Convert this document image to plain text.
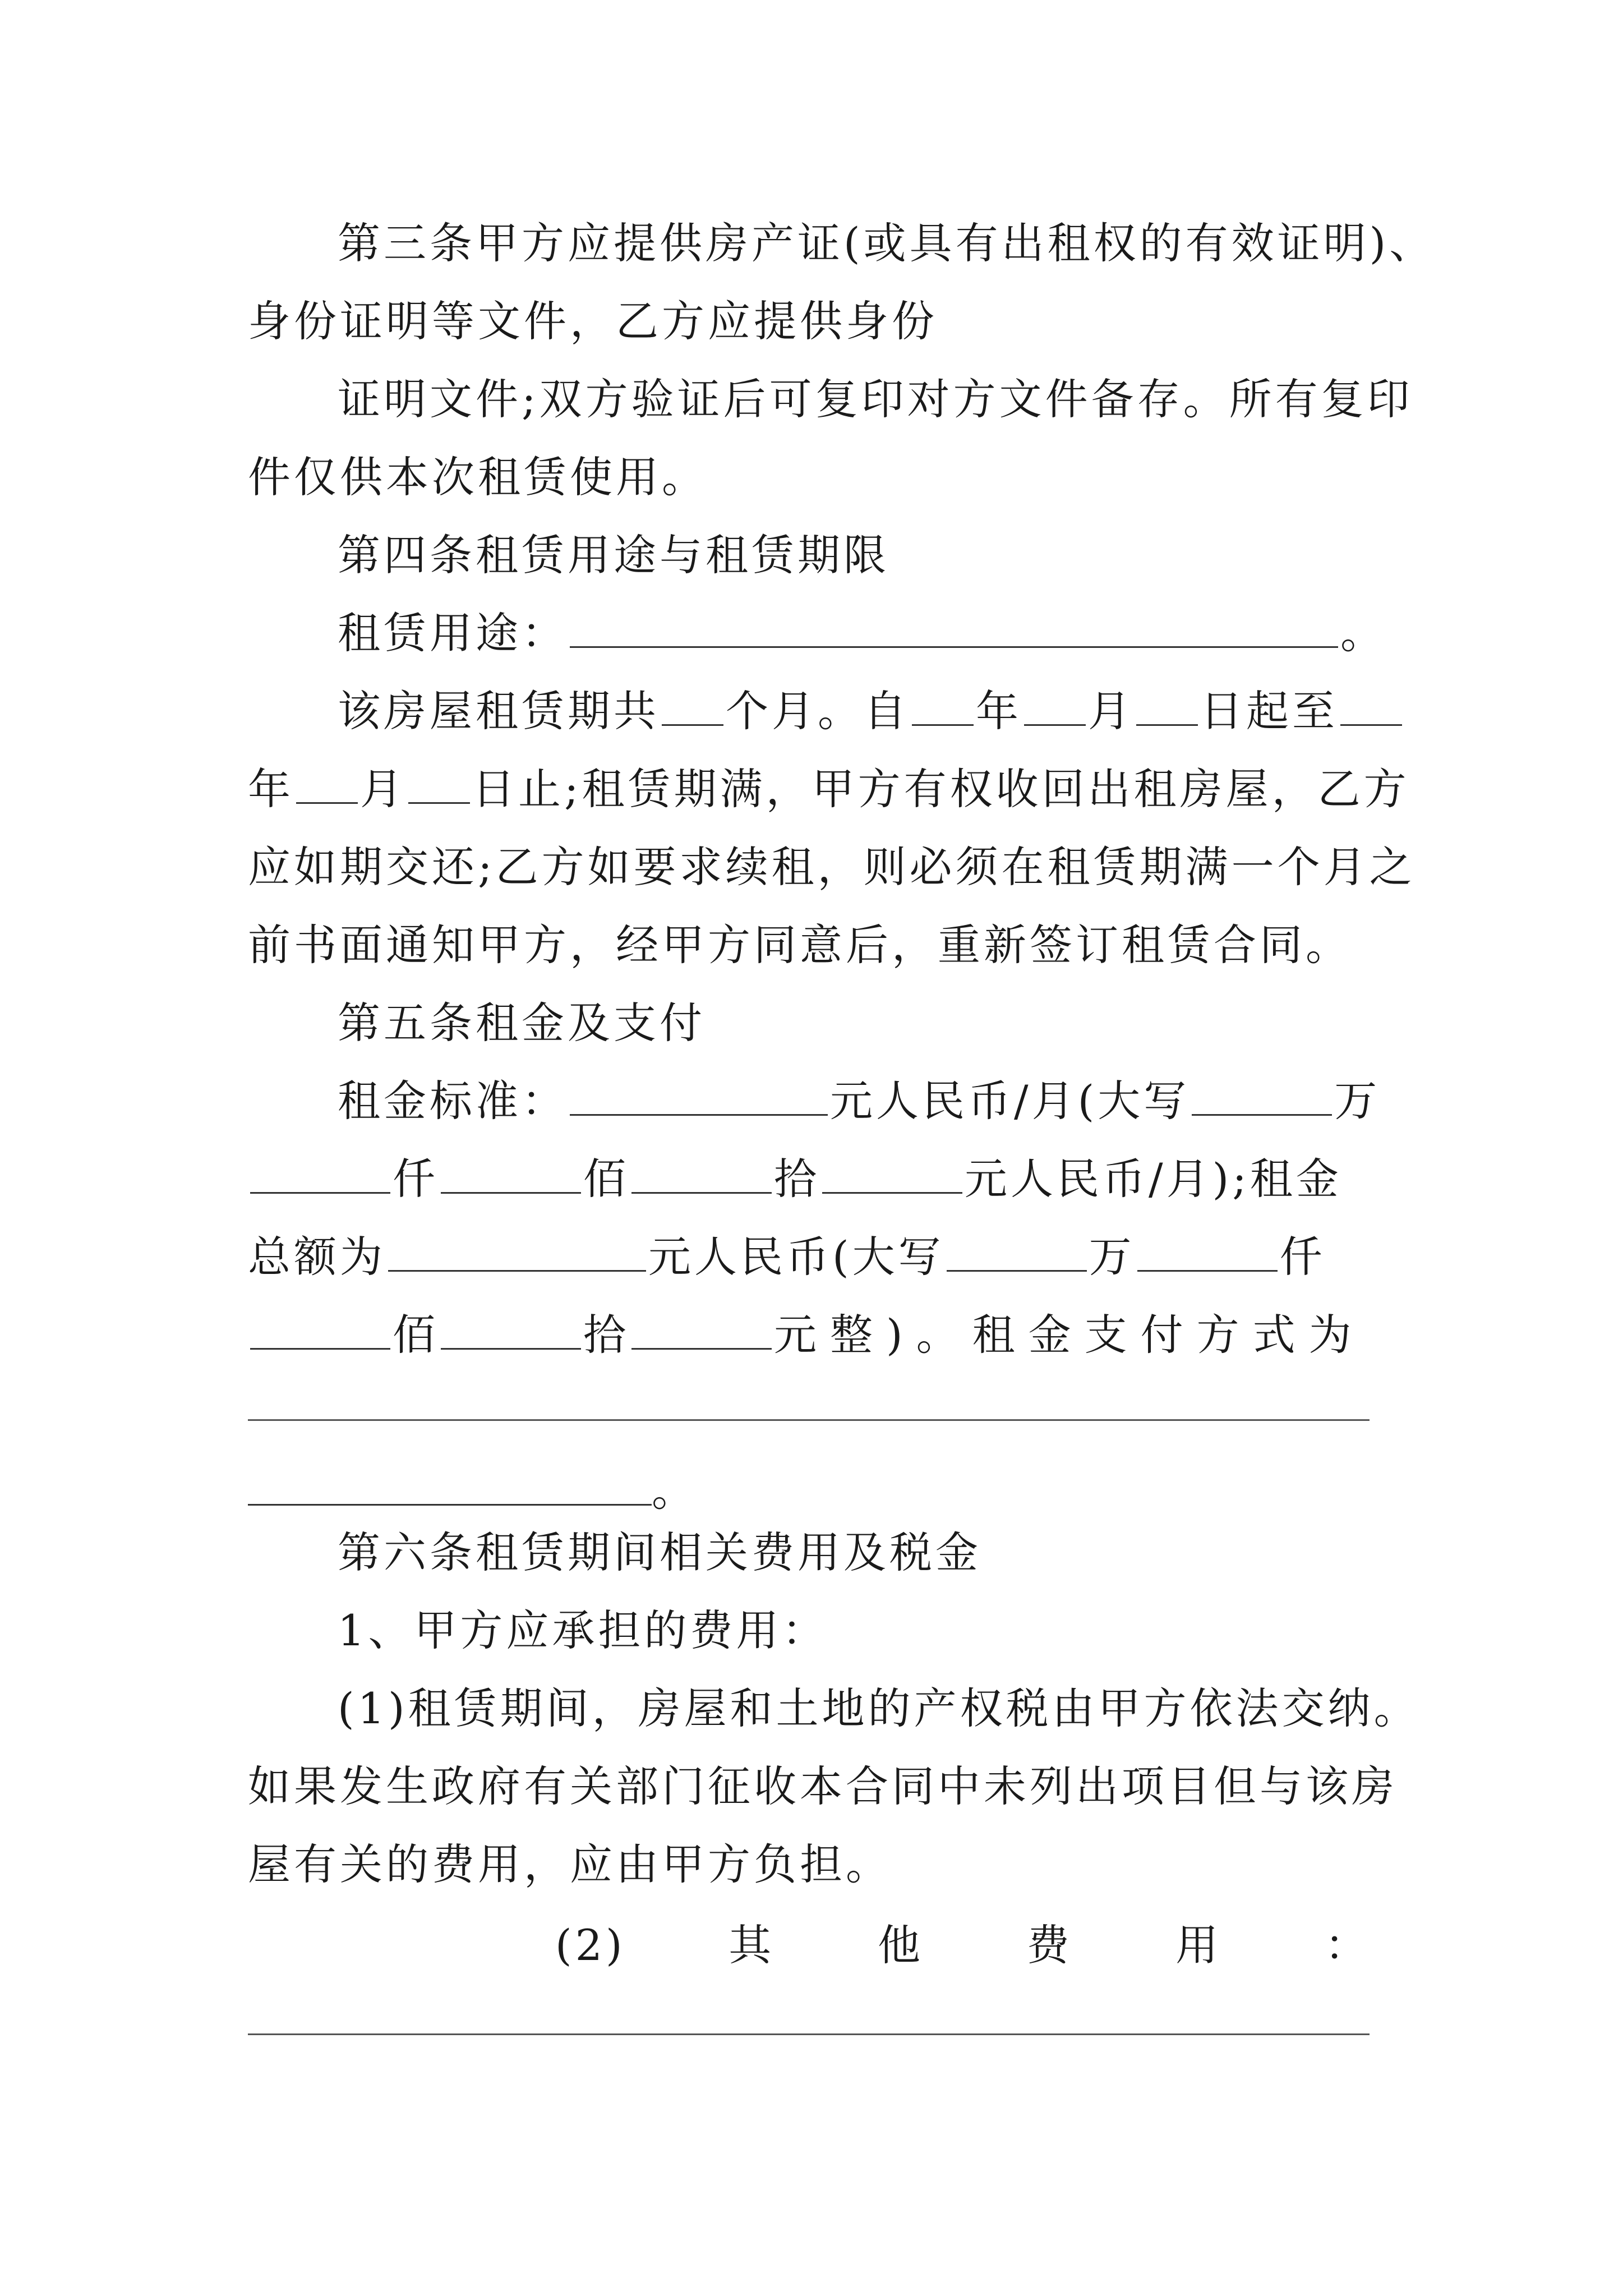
第三条甲方应提供房产证(或具有出租权的有效证明)、
身份证明等文件，乙方应提供身份
证明文件;双方验证后可复印对方文件备存。所有复印
件仅供本次租赁使用。
第四条租赁用途与租赁期限
租赁用途：	。
该房屋租赁期共 个月。自 年 月 日起至
年 月 日止;租赁期满，甲方有权收回出租房屋，乙方
应如期交还;乙方如要求续租，则必须在租赁期满一个月之
前书面通知甲方，经甲方同意后，重新签订租赁合同。
第五条租金及支付
租金标准：	元人民币/月(大写	万
仟	佰	拾	元人民币/月);租金
总额为	元人民币(大写	万	仟
佰	拾	元整)。租金支付方式为
。
第六条租赁期间相关费用及税金
1、甲方应承担的费用：
(1)租赁期间，房屋和土地的产权税由甲方依法交纳。
如果发生政府有关部门征收本合同中未列出项目但与该房
屋有关的费用，应由甲方负担。
(2) 其 他 费 用 ：
